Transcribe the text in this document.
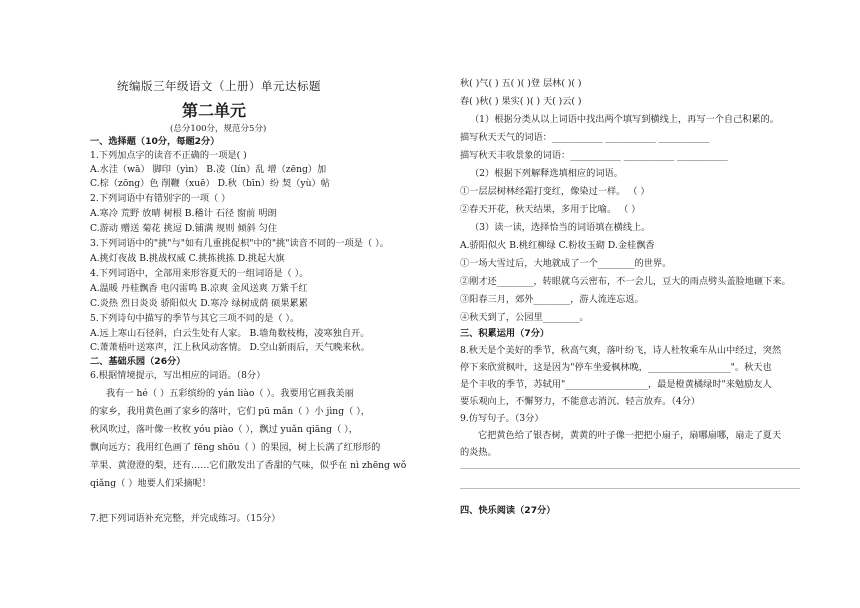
统编版三年级语文（上册）单元达标题
第二单元
(总分100分，规范分5分)
一、选择题（10分，每题2分）
1.下列加点字的读音不正确的一项是( )
A.水洼（wā） 脚印（yìn） B.凌（lín）乱 增（zēng）加
C.棕（zōng）色 削鞭（xuē） D.秋（bīn）纷 契（yù）帖
2.下列词语中有错别字的一项（ ）
A.寒冷 荒野 放晴 树根 B.稽计 石径 窗前 明朗
C.游动 赠送 菊花 挑逗 D.铺满 规则 倾斜 匀住
3.下列词语中的"挑"与"如有几重挑促枳"中的"挑"读音不同的一项是（ ）。
A.挑灯夜战 B.挑战权威 C.挑拣挑拣 D.挑起大旗
4.下列词语中，全部用来形容夏天的一组词语是（ ）。
A.温暖 丹桂飘香 电闪雷鸣 B.凉爽 金风送爽 万紫千红
C.炎热 烈日炎炎 骄阳似火 D.寒冷 绿树成荫 硕果累累
5.下列诗句中描写的季节与其它三项不同的是（ ）。
A.远上寒山石径斜，白云生处有人家。 B.墙角数枝梅，凌寒独自开。
C.萧萧梧叶送寒声，江上秋风动客情。 D.空山新雨后，天气晚来秋。
二、基础乐园（26分）
6.根据情境提示，写出相应的词语。（8分）
我有一 hé（ ）五彩缤纷的 yán liào（ ）。我要用它画我美丽
的家乡，我用黄色画了家乡的落叶，它们 pū mǎn（ ）小 jìng（ ），
秋风吹过，落叶像一枚枚 yóu piào（ ），飘过 yuǎn qiāng（ ），
飘向远方；我用红色画了 fēng shōu（ ）的果园，树上长满了红形形的
苹果、黄澄澄的梨，还有……它们散发出了香甜的气味，似乎在 nì zhēng wǒ
qiǎng（ ）地要人们采摘呢！
7.把下列词语补充完整，并完成练习。（15分）
秋( )气( ) 五( )( )登 层林( )( )
春( )秋( ) 果实( )( ) 天( )云( )
（1）根据分类从以上词语中找出两个填写到横线上，再写一个自己积累的。
描写秋天天气的词语：___________ ___________ ___________
描写秋天丰收景象的词语：___________ ___________ ___________
（2）根据下列解释选填相应的词语。
①一层层树林经霜打变红，像染过一样。 （ ）
②春天开花，秋天结果，多用于比喻。 （ ）
（3）读一读，选择恰当的词语填在横线上。
A.骄阳似火 B.桃红柳绿 C.粉妆玉砌 D.金桂飘香
①一场大雪过后，大地就成了一个________的世界。
②刚才还________，转眼就乌云密布，不一会儿，豆大的雨点劈头盖脸地砸下来。
③阳春三月，郊外________，游人流连忘返。
④秋天到了，公园里________。
三、积累运用（7分）
8.秋天是个美好的季节，秋高气爽，落叶纷飞，诗人杜牧乘车从山中经过，突然
停下来欣赏枫叶，这是因为"停车坐爱枫林晚，__________________"。秋天也
是个丰收的季节，苏轼用"__________________，最是橙黄橘绿时"来勉励友人
要乐观向上，不懈努力，不能意志消沉、轻言放弃。（4分）
9.仿写句子。（3分）
它把黄色给了银杏树，黄黄的叶子像一把把小扇子，扇哪扇哪，扇走了夏天
的炎热。
四、快乐阅读（27分）
